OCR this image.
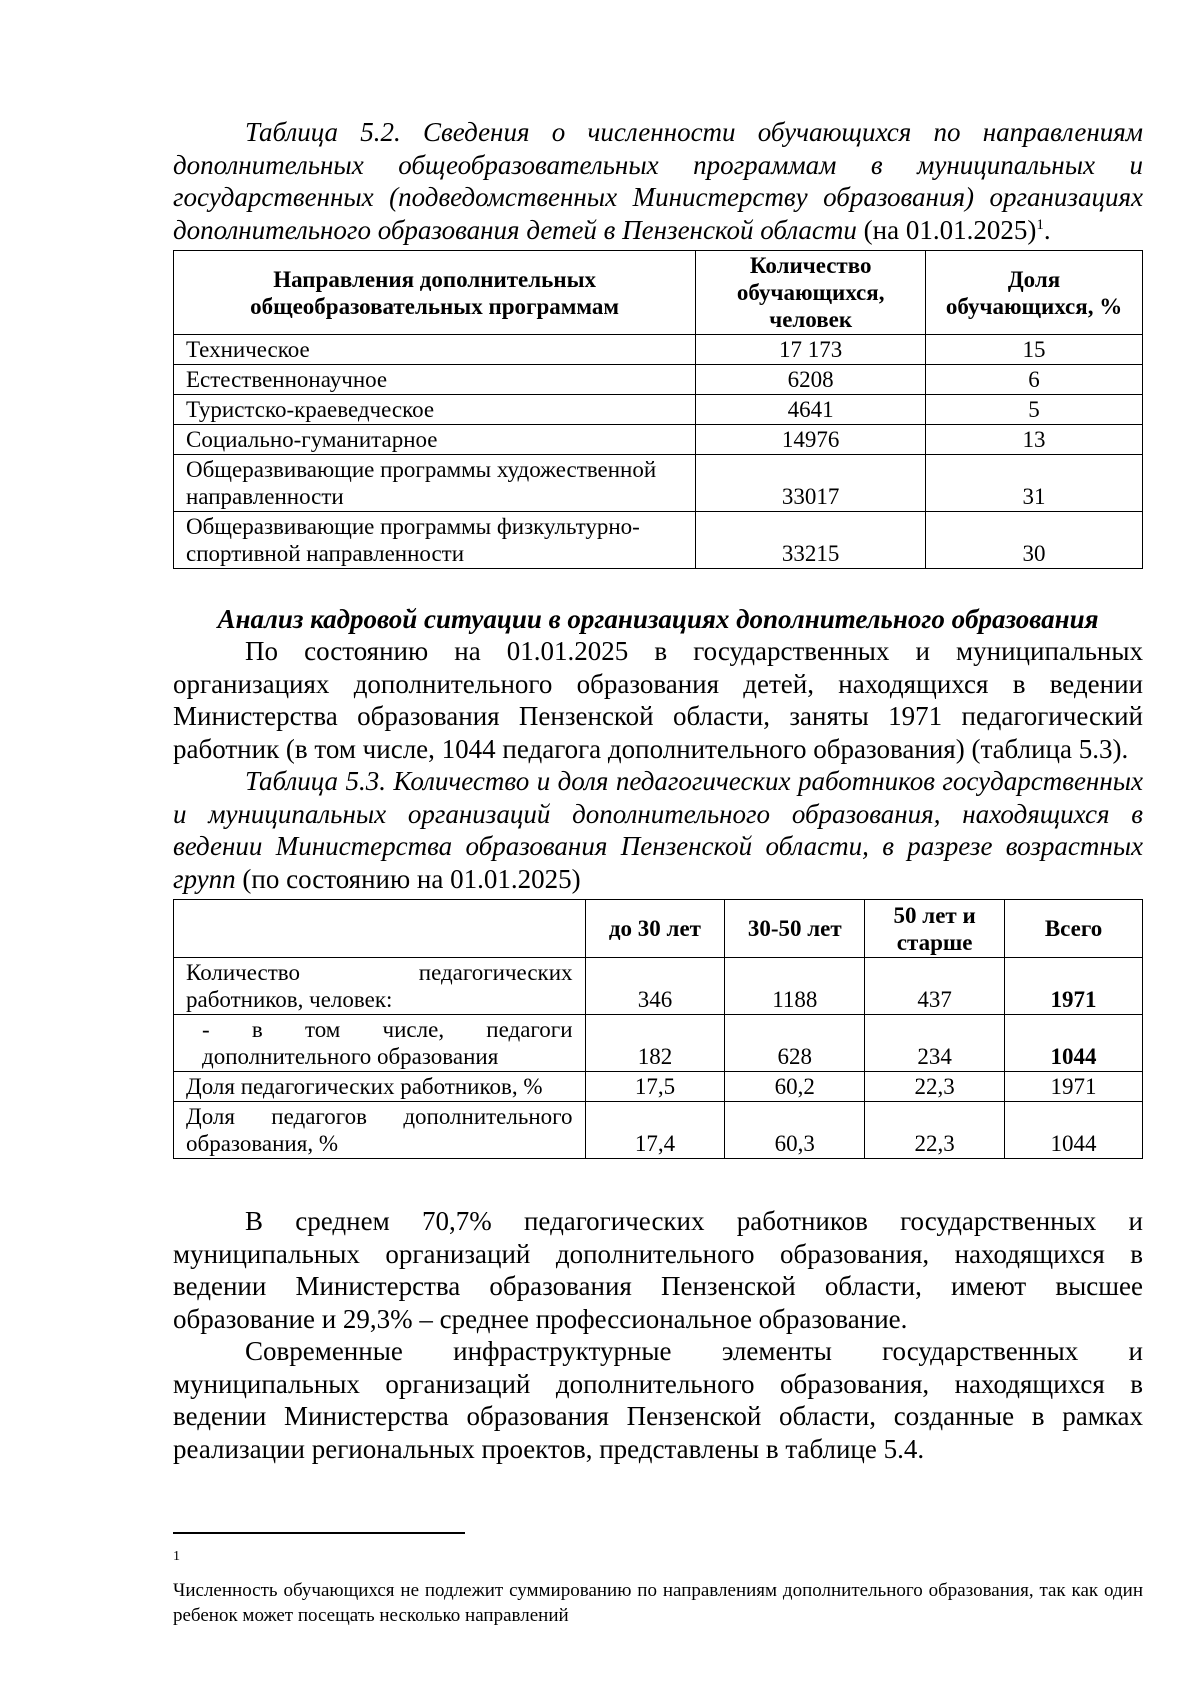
Таблица 5.2. Сведения о численности обучающихся по направлениям дополнительных общеобразовательных программам в муниципальных и государственных (подведомственных Министерству образования) организациях дополнительного образования детей в Пензенской области (на 01.01.2025)$^1$.

Направления дополнительных общеобразовательных программам	Количество обучающихся, человек	Доля обучающихся, %
Техническое	17 173	15
Естественнонаучное	6208	6
Туристско-краеведческое	4641	5
Социально-гуманитарное	14976	13
Общеразвивающие программы художественной направленности	33017	31
Общеразвивающие программы физкультурно-спортивной направленности	33215	30

Анализ кадровой ситуации в организациях дополнительного образования

По состоянию на 01.01.2025 в государственных и муниципальных организациях дополнительного образования детей, находящихся в ведении Министерства образования Пензенской области, заняты 1971 педагогический работник (в том числе, 1044 педагога дополнительного образования) (таблица 5.3).

Таблица 5.3. Количество и доля педагогических работников государственных и муниципальных организаций дополнительного образования, находящихся в ведении Министерства образования Пензенской области, в разрезе возрастных групп (по состоянию на 01.01.2025)

	до 30 лет	30-50 лет	50 лет и старше	Всего
Количество педагогических работников, человек:	346	1188	437	1971
- в том числе, педагоги дополнительного образования	182	628	234	1044
Доля педагогических работников, %	17,5	60,2	22,3	1971
Доля педагогов дополнительного образования, %	17,4	60,3	22,3	1044

В среднем 70,7% педагогических работников государственных и муниципальных организаций дополнительного образования, находящихся в ведении Министерства образования Пензенской области, имеют высшее образование и 29,3% – среднее профессиональное образование.

Современные инфраструктурные элементы государственных и муниципальных организаций дополнительного образования, находящихся в ведении Министерства образования Пензенской области, созданные в рамках реализации региональных проектов, представлены в таблице 5.4.

1

Численность обучающихся не подлежит суммированию по направлениям дополнительного образования, так как один ребенок может посещать несколько направлений
